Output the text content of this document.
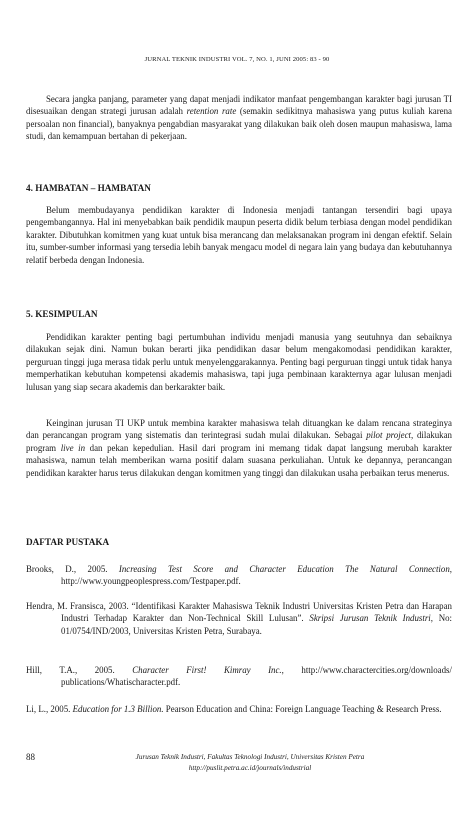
JURNAL TEKNIK INDUSTRI VOL. 7, NO. 1, JUNI 2005: 83 - 90

Secara jangka panjang, parameter yang dapat menjadi indikator manfaat pengembangan karakter bagi jurusan TI disesuaikan dengan strategi jurusan adalah retention rate (semakin sedikitnya mahasiswa yang putus kuliah karena persoalan non financial), banyaknya pengabdian masyarakat yang dilakukan baik oleh dosen maupun mahasiswa, lama studi, dan kemampuan bertahan di pekerjaan.

4. HAMBATAN – HAMBATAN

Belum membudayanya pendidikan karakter di Indonesia menjadi tantangan tersendiri bagi upaya pengembangannya. Hal ini menyebabkan baik pendidik maupun peserta didik belum terbiasa dengan model pendidikan karakter. Dibutuhkan komitmen yang kuat untuk bisa merancang dan melaksanakan program ini dengan efektif. Selain itu, sumber-sumber informasi yang tersedia lebih banyak mengacu model di negara lain yang budaya dan kebutuhannya relatif berbeda dengan Indonesia.

5. KESIMPULAN

Pendidikan karakter penting bagi pertumbuhan individu menjadi manusia yang seutuhnya dan sebaiknya dilakukan sejak dini. Namun bukan berarti jika pendidikan dasar belum mengakomodasi pendidikan karakter, perguruan tinggi juga merasa tidak perlu untuk menyelenggarakannya. Penting bagi perguruan tinggi untuk tidak hanya memperhatikan kebutuhan kompetensi akademis mahasiswa, tapi juga pembinaan karakternya agar lulusan menjadi lulusan yang siap secara akademis dan berkarakter baik.

Keinginan jurusan TI UKP untuk membina karakter mahasiswa telah dituangkan ke dalam rencana strateginya dan perancangan program yang sistematis dan terintegrasi sudah mulai dilakukan. Sebagai pilot project, dilakukan program live in dan pekan kepedulian. Hasil dari program ini memang tidak dapat langsung merubah karakter mahasiswa, namun telah memberikan warna positif dalam suasana perkuliahan. Untuk ke depannya, perancangan pendidikan karakter harus terus dilakukan dengan komitmen yang tinggi dan dilakukan usaha perbaikan terus menerus.

DAFTAR PUSTAKA

Brooks, D., 2005. Increasing Test Score and Character Education The Natural Connection, http://www.youngpeoplespress.com/Testpaper.pdf.

Hendra, M. Fransisca, 2003. “Identifikasi Karakter Mahasiswa Teknik Industri Universitas Kristen Petra dan Harapan Industri Terhadap Karakter dan Non-Technical Skill Lulusan”. Skripsi Jurusan Teknik Industri, No: 01/0754/IND/2003, Universitas Kristen Petra, Surabaya.

Hill, T.A., 2005. Character First! Kimray Inc., http://www.charactercities.org/downloads/ publications/Whatischaracter.pdf.

Li, L., 2005. Education for 1.3 Billion. Pearson Education and China: Foreign Language Teaching & Research Press.

88	Jurusan Teknik Industri, Fakultas Teknologi Industri, Universitas Kristen Petra
http://puslit.petra.ac.id/journals/industrial
